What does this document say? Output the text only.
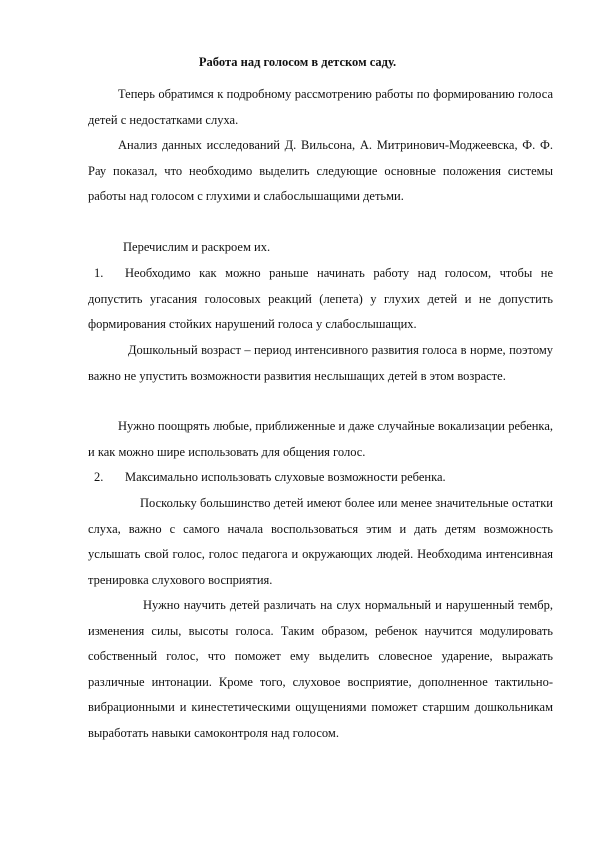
Работа над голосом в детском саду.
Теперь обратимся к подробному рассмотрению работы по формированию голоса детей с недостатками слуха.
Анализ данных исследований Д. Вильсона, А. Митринович-Моджеевска, Ф. Ф. Рау показал, что необходимо выделить следующие основные положения системы работы над голосом с глухими и слабослышащими детьми.
Перечислим и раскроем их.
1.	Необходимо как можно раньше начинать работу над голосом, чтобы не допустить угасания голосовых реакций (лепета) у глухих детей и не допустить формирования стойких нарушений голоса у слабослышащих.
Дошкольный возраст – период интенсивного развития голоса в норме, поэтому важно не упустить возможности развития неслышащих детей в этом возрасте.
Нужно поощрять любые, приближенные и даже случайные вокализации ребенка, и как можно шире использовать для общения голос.
2.	Максимально использовать слуховые возможности ребенка.
Поскольку большинство детей имеют более или менее значительные остатки слуха, важно с самого начала воспользоваться этим и дать детям возможность услышать свой голос, голос педагога и окружающих людей. Необходима интенсивная тренировка слухового восприятия.
Нужно научить детей различать на слух нормальный и нарушенный тембр, изменения силы, высоты голоса. Таким образом, ребенок научится модулировать собственный голос, что поможет ему выделить словесное ударение, выражать различные интонации. Кроме того, слуховое восприятие, дополненное тактильно-вибрационными и кинестетическими ощущениями поможет старшим дошкольникам выработать навыки самоконтроля над голосом.
